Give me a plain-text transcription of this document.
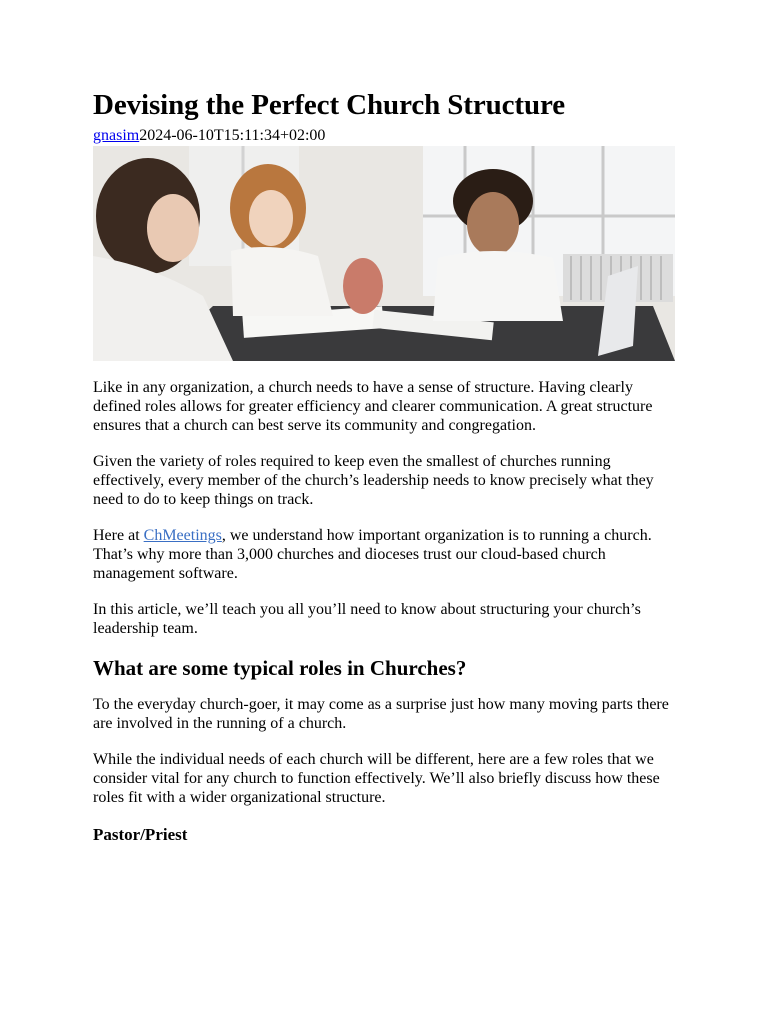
Devising the Perfect Church Structure
gnasim2024-06-10T15:11:34+02:00

Like in any organization, a church needs to have a sense of structure. Having clearly defined roles allows for greater efficiency and clearer communication. A great structure ensures that a church can best serve its community and congregation.

Given the variety of roles required to keep even the smallest of churches running effectively, every member of the church’s leadership needs to know precisely what they need to do to keep things on track.

Here at ChMeetings, we understand how important organization is to running a church. That’s why more than 3,000 churches and dioceses trust our cloud-based church management software.

In this article, we’ll teach you all you’ll need to know about structuring your church’s leadership team.

What are some typical roles in Churches?

To the everyday church-goer, it may come as a surprise just how many moving parts there are involved in the running of a church.

While the individual needs of each church will be different, here are a few roles that we consider vital for any church to function effectively. We’ll also briefly discuss how these roles fit with a wider organizational structure.

Pastor/Priest
